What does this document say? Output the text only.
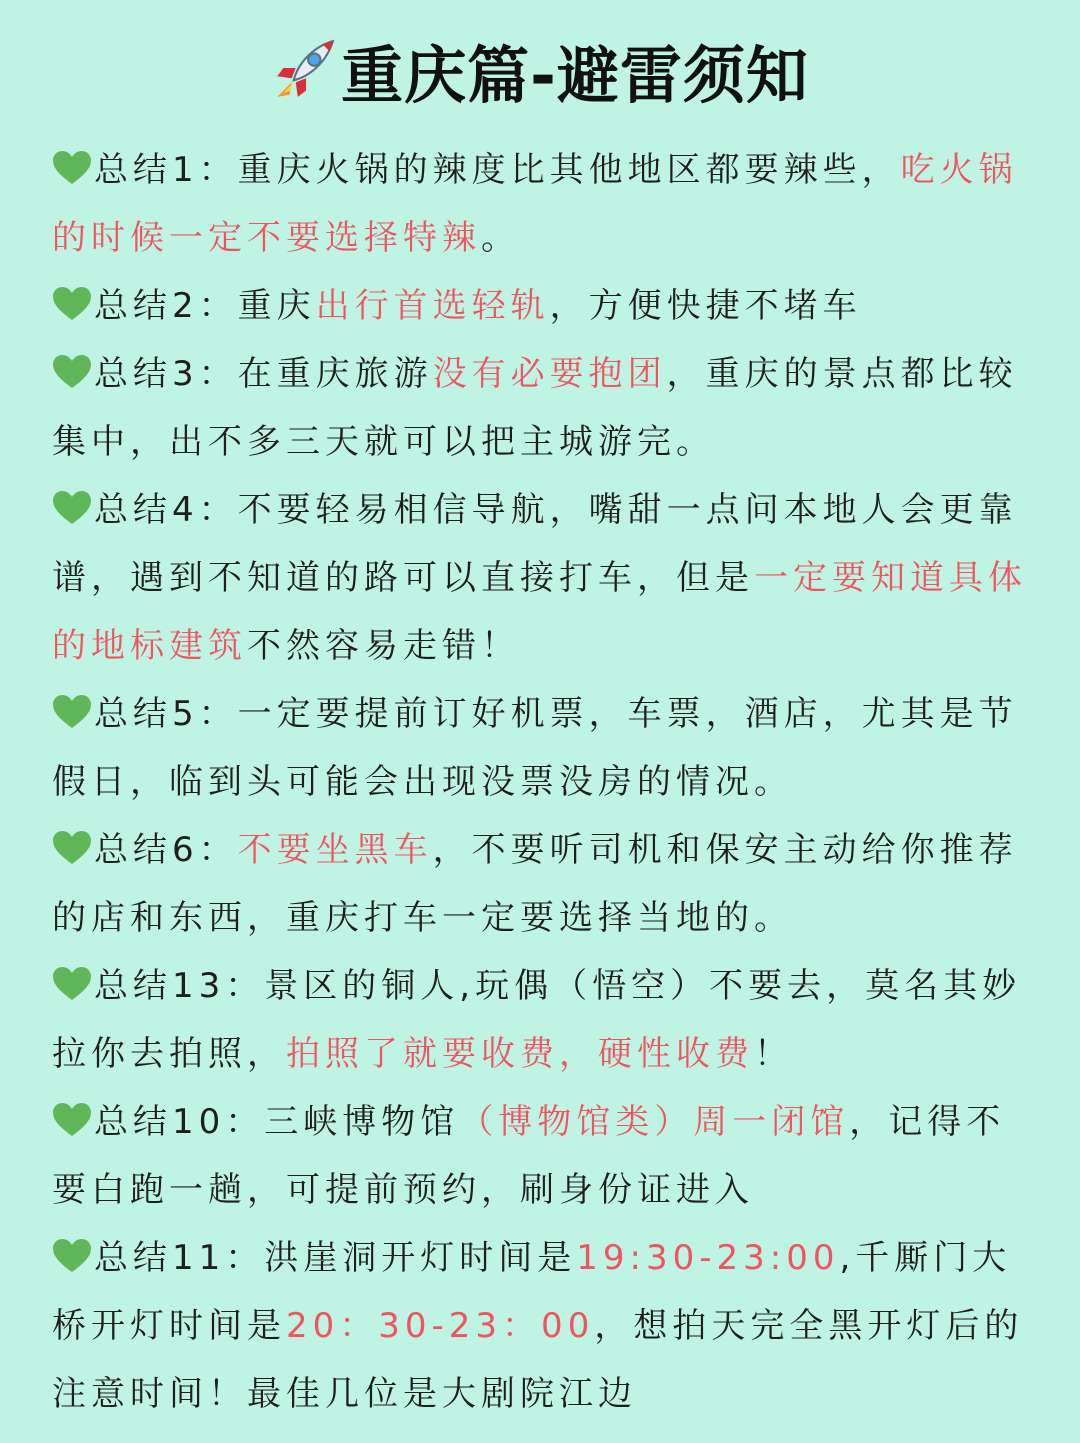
重庆篇-避雷须知

总结1：重庆火锅的辣度比其他地区都要辣些，吃火锅的时候一定不要选择特辣。

总结2：重庆出行首选轻轨，方便快捷不堵车

总结3：在重庆旅游没有必要抱团，重庆的景点都比较集中，出不多三天就可以把主城游完。

总结4：不要轻易相信导航，嘴甜一点问本地人会更靠谱，遇到不知道的路可以直接打车，但是一定要知道具体的地标建筑不然容易走错！

总结5：一定要提前订好机票，车票，酒店，尤其是节假日，临到头可能会出现没票没房的情况。

总结6：不要坐黑车，不要听司机和保安主动给你推荐的店和东西，重庆打车一定要选择当地的。

总结13：景区的铜人,玩偶（悟空）不要去，莫名其妙拉你去拍照，拍照了就要收费，硬性收费！

总结10：三峡博物馆（博物馆类）周一闭馆，记得不要白跑一趟，可提前预约，刷身份证进入

总结11：洪崖洞开灯时间是19:30-23:00,千厮门大桥开灯时间是20：30-23：00，想拍天完全黑开灯后的注意时间！最佳几位是大剧院江边
